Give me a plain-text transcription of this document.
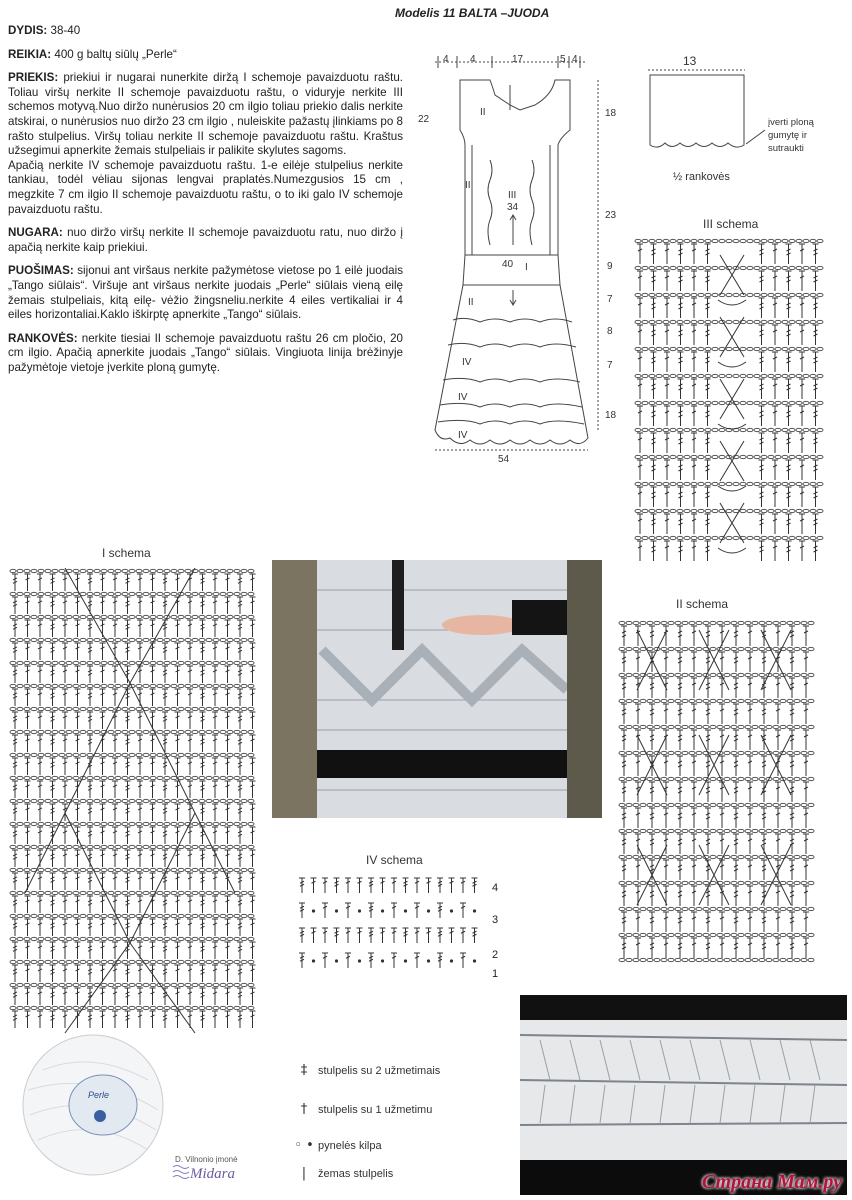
Modelis 11 BALTA –JUODA

DYDIS: 38-40

REIKIA: 400 g baltų siūlų „Perle“

PRIEKIS: priekiui ir nugarai nunerkite diržą I schemoje pavaizduotu raštu. Toliau viršų nerkite II schemoje pavaizduotu raštu, o viduryje nerkite III schemos motyvą.Nuo diržo nunėrusios 20 cm ilgio toliau priekio dalis nerkite atskirai, o nunėrusios nuo diržo 23 cm ilgio , nuleiskite pažastų įlinkiams po 8 rašto stulpelius. Viršų toliau nerkite II schemoje pavaizduotu raštu. Kraštus užsegimui apnerkite žemais stulpeliais ir palikite skylutes sagoms.

Apačią nerkite IV schemoje pavaizduotu raštu. 1-e eilėje stulpelius nerkite tankiau, todėl vėliau sijonas lengvai praplatės.Numezgusios 15 cm , megzkite 7 cm ilgio II schemoje pavaizduotu raštu, o to iki galo IV schemoje pavaizduotu raštu.

NUGARA: nuo diržo viršų nerkite II schemoje pavaizduotu ratu, nuo diržo į apačią nerkite kaip priekiui.

PUOŠIMAS: sijonui ant viršaus nerkite pažymėtose vietose po 1 eilė juodais „Tango siūlais“. Viršuje ant viršaus nerkite juodais „Perle“ siūlais vieną eilę žemais stulpeliais, kitą eilę- vėžio žingsneliu.nerkite 4 eiles vertikaliai ir 4 eiles horizontaliai.Kaklo iškirptę apnerkite „Tango“ siūlais.

RANKOVĖS: nerkite tiesiai II schemoje pavaizduotu raštu 26 cm pločio, 20 cm ilgio. Apačią apnerkite juodais „Tango“ siūlais. Vingiuota linija brėžinyje pažymėtoje vietoje įverkite ploną gumytę.

4 4	17	5 4
22
18
23
9
7
8
7
18
54
40
34
II
II
III
I
II
IV
IV
IV
13
įverti ploną
gumytę ir
sutraukti
½ rankovės
III schema
I schema
II schema
IV schema
4
3
2
1
Perle
D. Vilnonio įmonė
Midara
‡ stulpelis su 2 užmetimais
† stulpelis su 1 užmetimu
◦ • pynelės kilpa
|	žemas stulpelis	Страна Мам.ру
